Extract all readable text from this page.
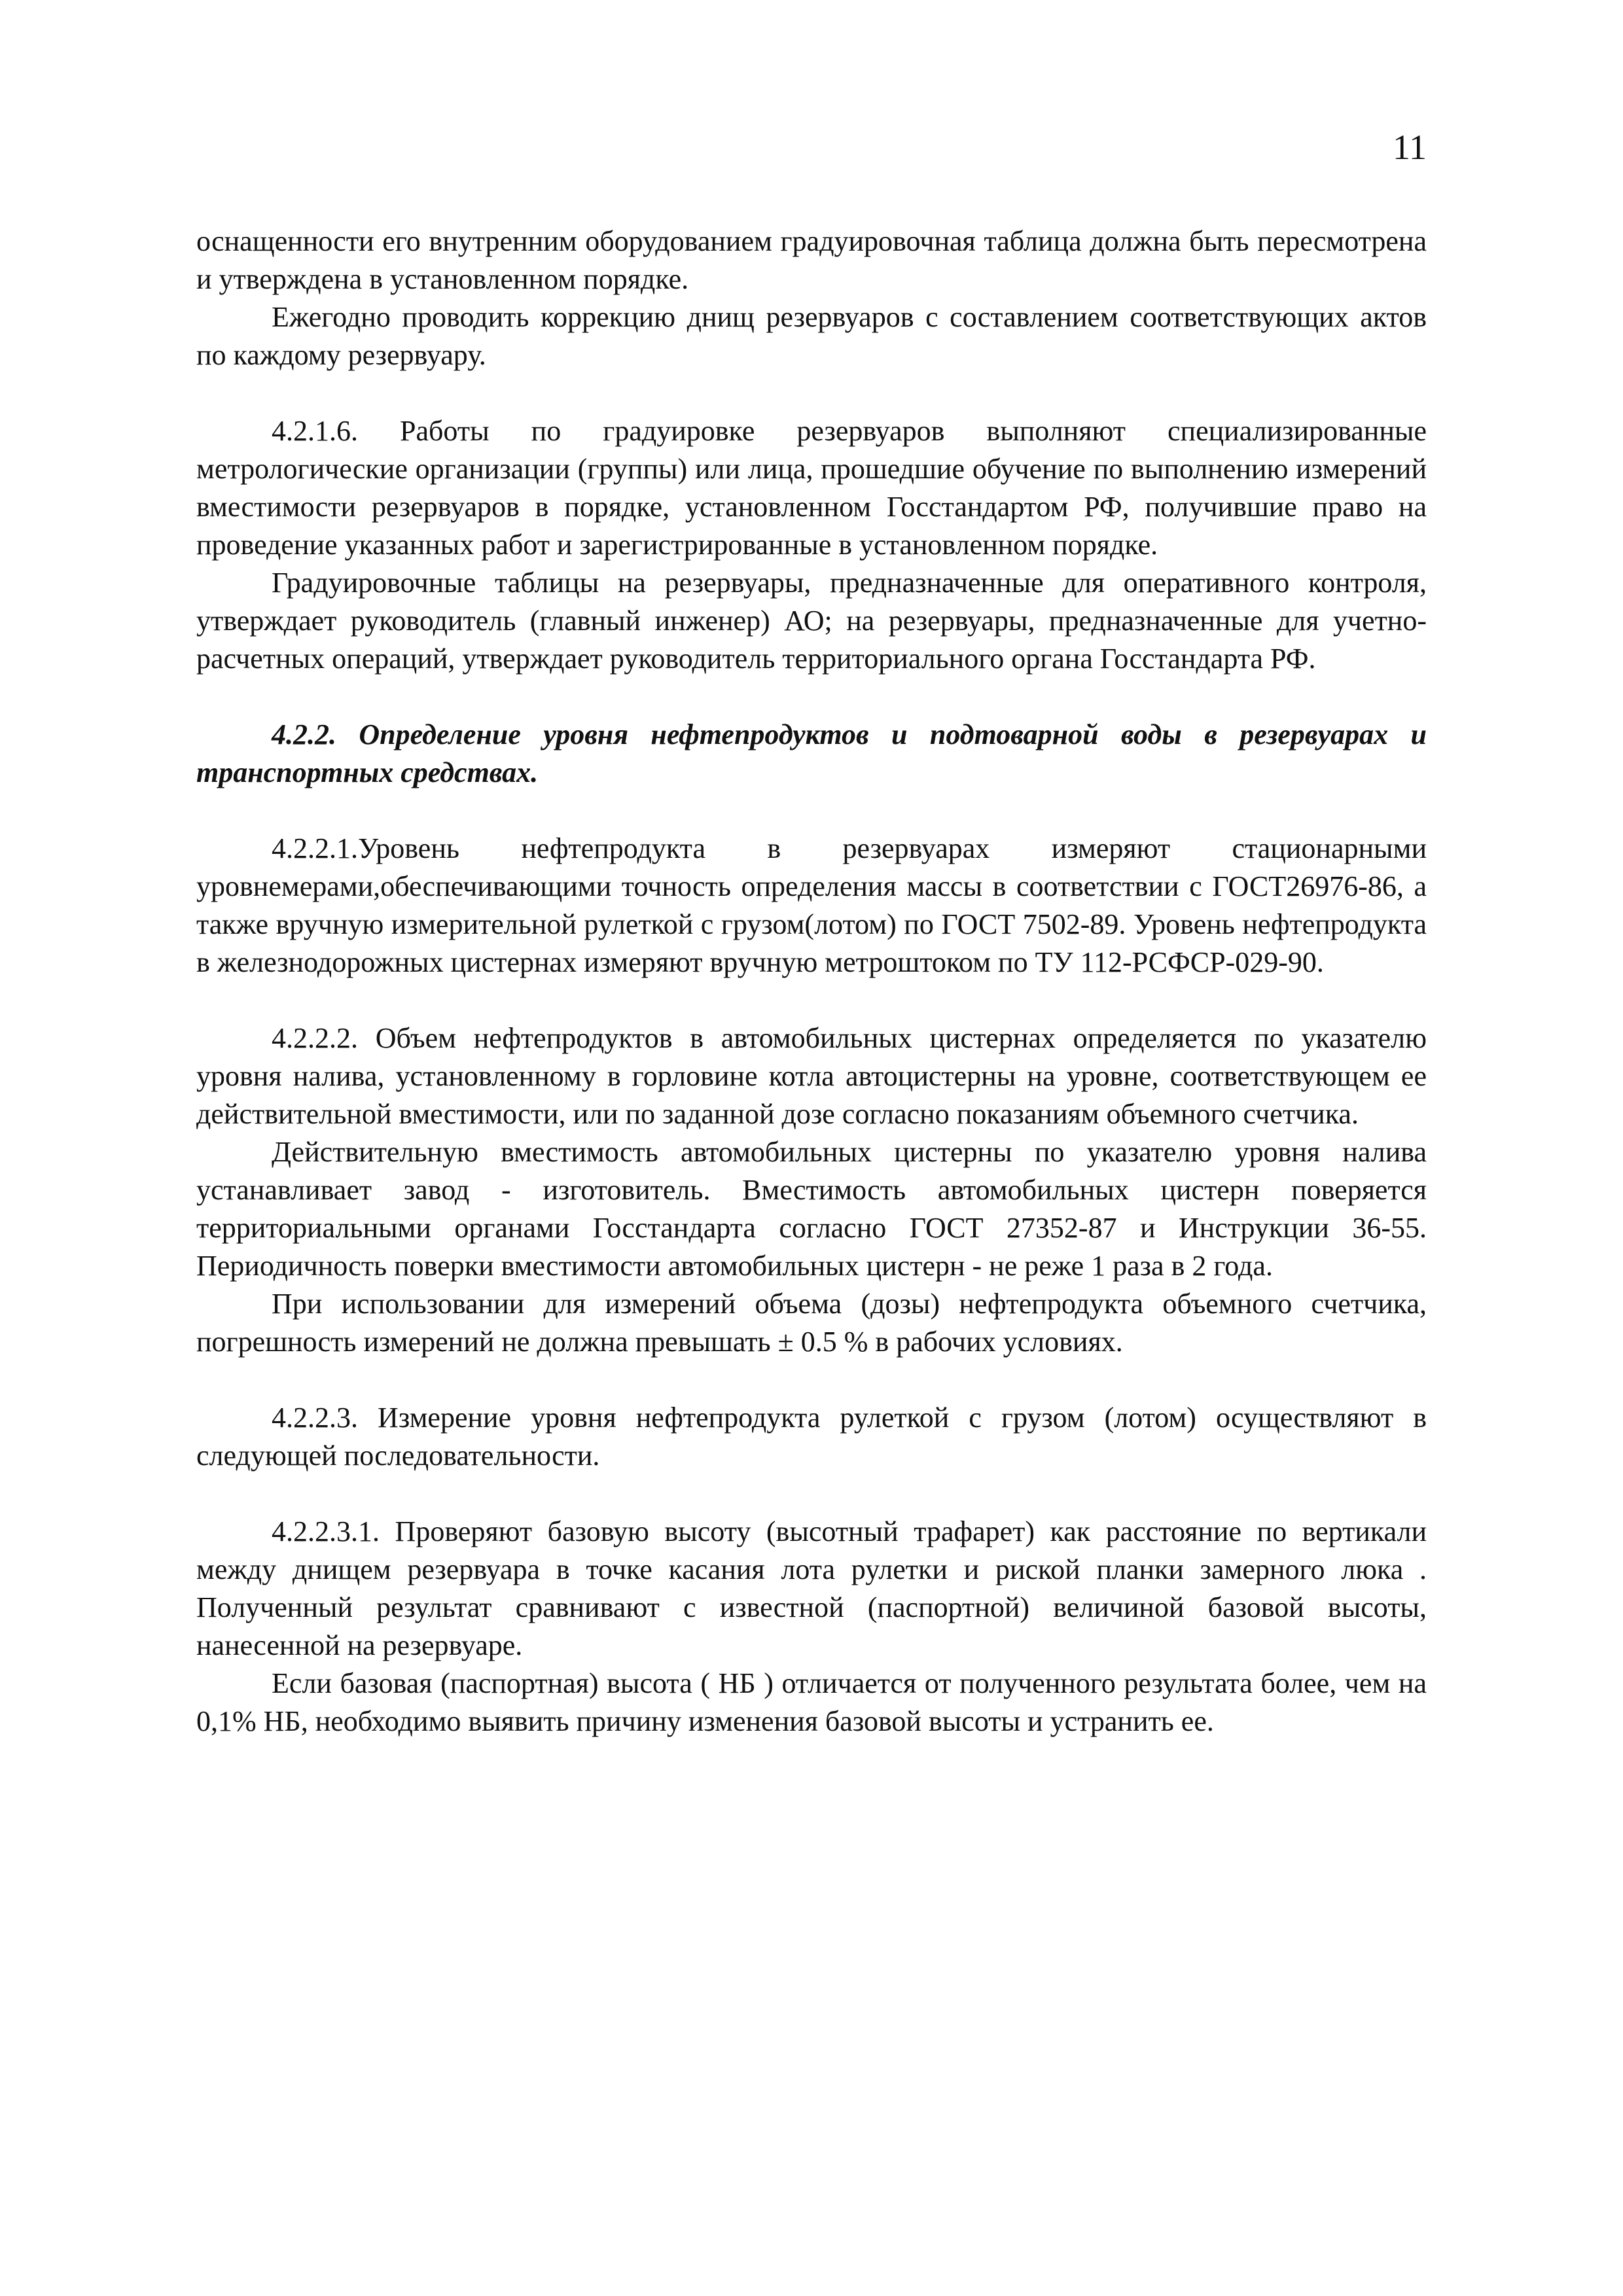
11

оснащенности его внутренним оборудованием градуировочная таблица должна быть пересмотрена и утверждена в установленном порядке.

Ежегодно проводить коррекцию днищ резервуаров с составлением соответствующих актов по каждому резервуару.

4.2.1.6. Работы по градуировке резервуаров выполняют специализированные метрологические организации (группы) или лица, прошедшие обучение по выполнению измерений вместимости резервуаров в порядке, установленном Госстандартом РФ, получившие право на проведение указанных работ и зарегистрированные в установленном порядке.

Градуировочные таблицы на резервуары, предназначенные для оперативного контроля, утверждает руководитель (главный инженер) АО; на резервуары, предназначенные для учетно-расчетных операций, утверждает руководитель территориального органа Госстандарта РФ.

4.2.2. Определение уровня нефтепродуктов и подтоварной воды в резервуарах и транспортных средствах.

4.2.2.1.Уровень нефтепродукта в резервуарах измеряют стационарными уровнемерами,обеспечивающими точность определения массы в соответствии с ГОСТ26976-86, а также вручную измерительной рулеткой с грузом(лотом) по ГОСТ 7502-89. Уровень нефтепродукта в железнодорожных цистернах измеряют вручную метроштоком по ТУ 112-РСФСР-029-90.

4.2.2.2. Объем нефтепродуктов в автомобильных цистернах определяется по указателю уровня налива, установленному в горловине котла автоцистерны на уровне, соответствующем ее действительной вместимости, или по заданной дозе согласно показаниям объемного счетчика.

Действительную вместимость автомобильных цистерны по указателю уровня налива устанавливает завод - изготовитель. Вместимость автомобильных цистерн поверяется территориальными органами Госстандарта согласно ГОСТ 27352-87 и Инструкции 36-55. Периодичность поверки вместимости автомобильных цистерн - не реже 1 раза в 2 года.

При использовании для измерений объема (дозы) нефтепродукта объемного счетчика, погрешность измерений не должна превышать ± 0.5 % в рабочих условиях.

4.2.2.3. Измерение уровня нефтепродукта рулеткой с грузом (лотом) осуществляют в следующей последовательности.

4.2.2.3.1. Проверяют базовую высоту (высотный трафарет) как расстояние по вертикали между днищем резервуара в точке касания лота рулетки и риской планки замерного люка . Полученный результат сравнивают с известной (паспортной) величиной базовой высоты, нанесенной на резервуаре.

Если базовая (паспортная) высота ( HБ ) отличается от полученного результата более, чем на 0,1% HБ, необходимо выявить причину изменения базовой высоты и устранить ее.
